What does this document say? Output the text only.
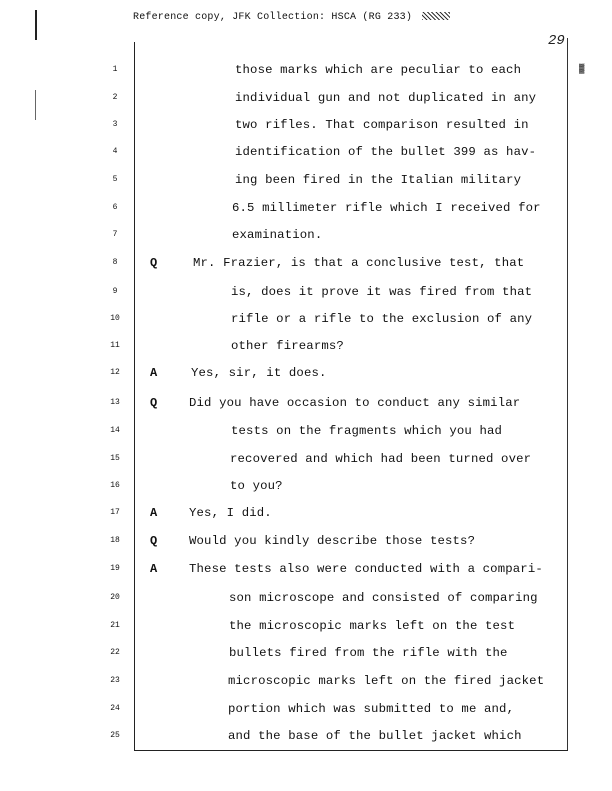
Reference copy, JFK Collection: HSCA (RG 233)
29
▓
1	those marks which are peculiar to each
2	individual gun and not duplicated in any
3	two rifles. That comparison resulted in
4	identification of the bullet 399 as hav-
5	ing been fired in the Italian military
6	6.5 millimeter rifle which I received for
7	examination.
8	Q	Mr. Frazier, is that a conclusive test, that
9	is, does it prove it was fired from that
10	rifle or a rifle to the exclusion of any
11	other firearms?
12	A	Yes, sir, it does.
13	Q	Did you have occasion to conduct any similar
14	tests on the fragments which you had
15	recovered and which had been turned over
16	to you?
17	A	Yes, I did.
18	Q	Would you kindly describe those tests?
19	A	These tests also were conducted with a compari-
20	son microscope and consisted of comparing
21	the microscopic marks left on the test
22	bullets fired from the rifle with the
23	microscopic marks left on the fired jacket
24	portion which was submitted to me and,
25	and the base of the bullet jacket which
